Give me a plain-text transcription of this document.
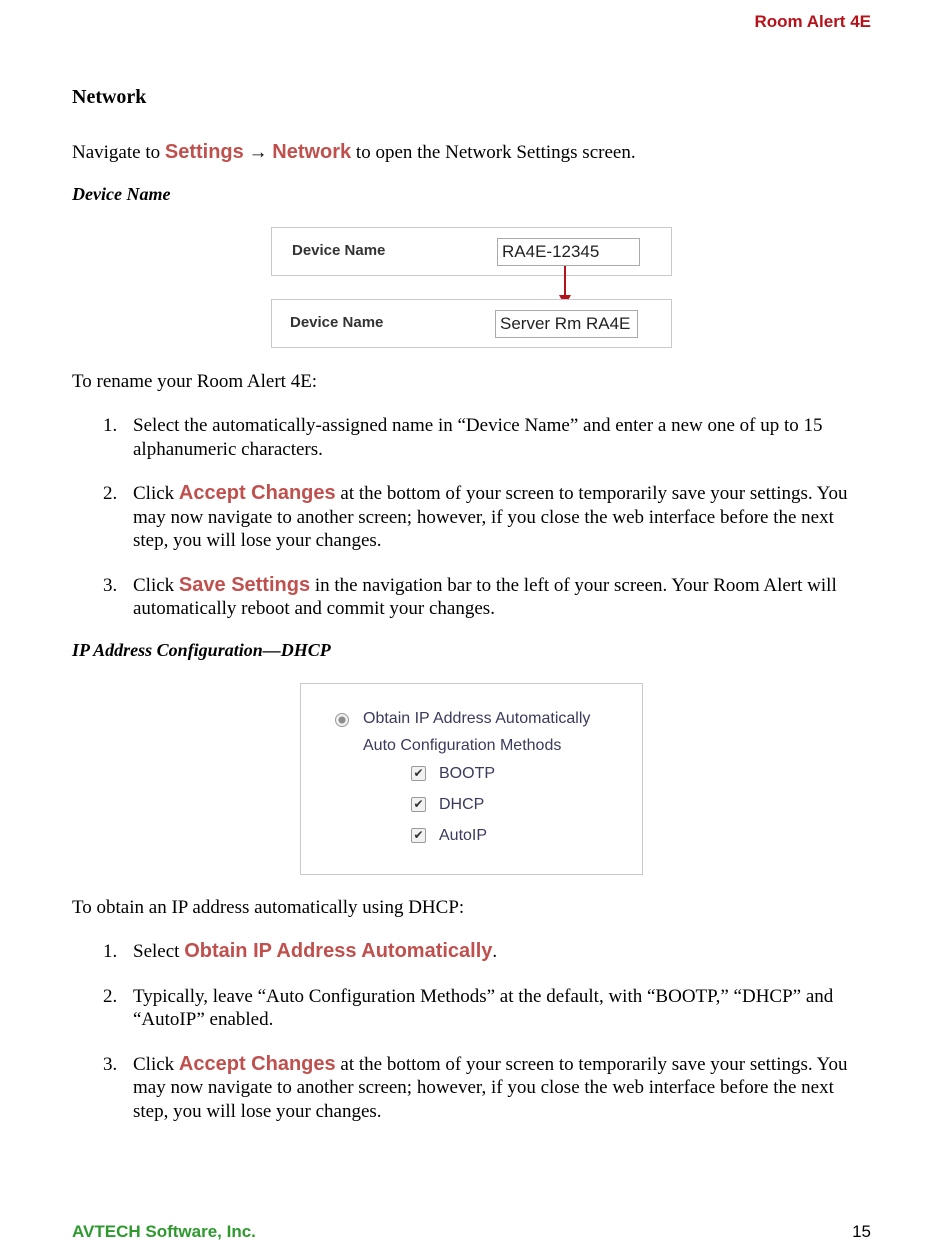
Room Alert 4E
AVTECH Software, Inc.	15
Network
Navigate to Settings → Network to open the Network Settings screen.
Device Name
Device Name	RA4E-12345
Device Name	Server Rm RA4E
To rename your Room Alert 4E:
1. Select the automatically-assigned name in “Device Name” and enter a new one of up to 15 alphanumeric characters.
2. Click Accept Changes at the bottom of your screen to temporarily save your settings. You may now navigate to another screen; however, if you close the web interface before the next step, you will lose your changes.
3. Click Save Settings in the navigation bar to the left of your screen. Your Room Alert will automatically reboot and commit your changes.
IP Address Configuration—DHCP
Obtain IP Address Automatically
Auto Configuration Methods
✔ BOOTP
✔ DHCP
✔ AutoIP
To obtain an IP address automatically using DHCP:
1. Select Obtain IP Address Automatically.
2. Typically, leave “Auto Configuration Methods” at the default, with “BOOTP,” “DHCP” and “AutoIP” enabled.
3. Click Accept Changes at the bottom of your screen to temporarily save your settings. You may now navigate to another screen; however, if you close the web interface before the next step, you will lose your changes.
